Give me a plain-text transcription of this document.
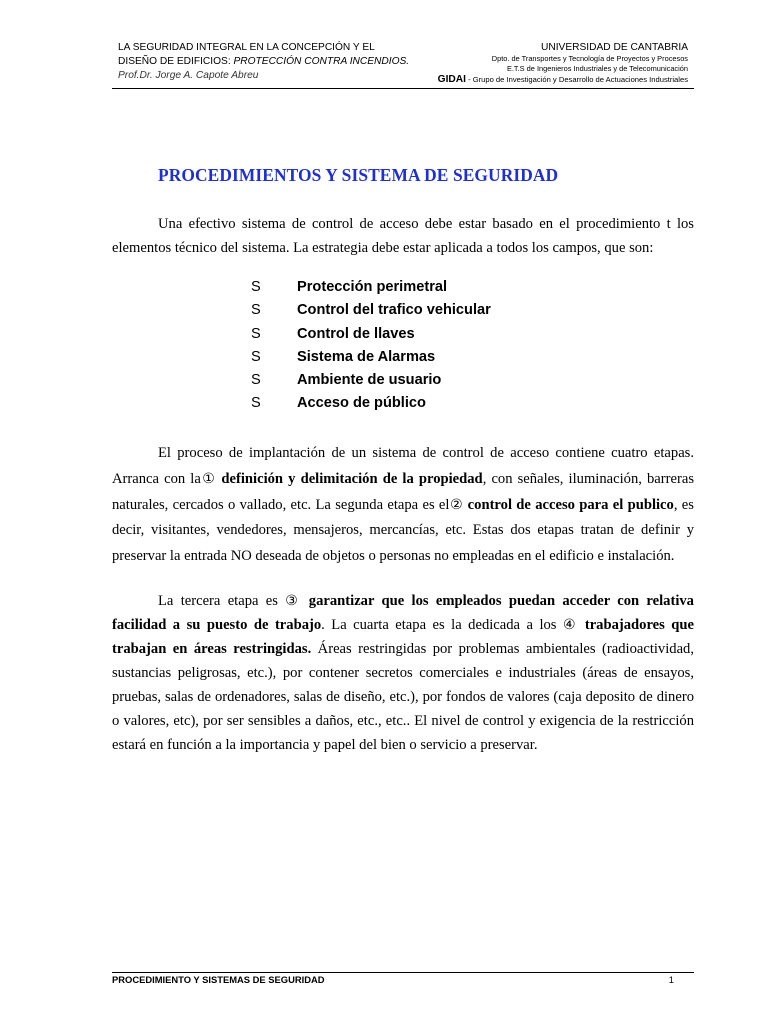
LA SEGURIDAD INTEGRAL EN LA CONCEPCIÓN Y EL
DISEÑO DE EDIFICIOS: PROTECCIÓN CONTRA INCENDIOS.
Prof.Dr. Jorge A. Capote Abreu
UNIVERSIDAD DE CANTABRIA
Dpto. de Transportes y Tecnología de Proyectos y Procesos
E.T.S de Ingenieros Industriales y de Telecomunicación
GIDAI - Grupo de Investigación y Desarrollo de Actuaciones Industriales
PROCEDIMIENTOS Y SISTEMA DE SEGURIDAD
Una efectivo sistema de control de acceso debe estar basado en el procedimiento t los elementos técnico del sistema. La estrategia debe estar aplicada a todos los campos, que son:
S	Protección perimetral
S	Control del trafico vehicular
S	Control de llaves
S	Sistema de Alarmas
S	Ambiente de usuario
S	Acceso de público
El proceso de implantación de un sistema de control de acceso contiene cuatro etapas. Arranca con la① definición y delimitación de la propiedad, con señales, iluminación, barreras naturales, cercados o vallado, etc. La segunda etapa es el② control de acceso para el publico, es decir, visitantes, vendedores, mensajeros, mercancías, etc. Estas dos etapas tratan de definir y preservar la entrada NO deseada de objetos o personas no empleadas en el edificio e instalación.
La tercera etapa es ③ garantizar que los empleados puedan acceder con relativa facilidad a su puesto de trabajo. La cuarta etapa es la dedicada a los ④ trabajadores que trabajan en áreas restringidas. Áreas restringidas por problemas ambientales (radioactividad, sustancias peligrosas, etc.), por contener secretos comerciales e industriales (áreas de ensayos, pruebas, salas de ordenadores, salas de diseño, etc.), por fondos de valores (caja deposito de dinero o valores, etc), por ser sensibles a daños, etc., etc.. El nivel de control y exigencia de la restricción estará en función a la importancia y papel del bien o servicio a preservar.
PROCEDIMIENTO Y SISTEMAS DE SEGURIDAD	1
